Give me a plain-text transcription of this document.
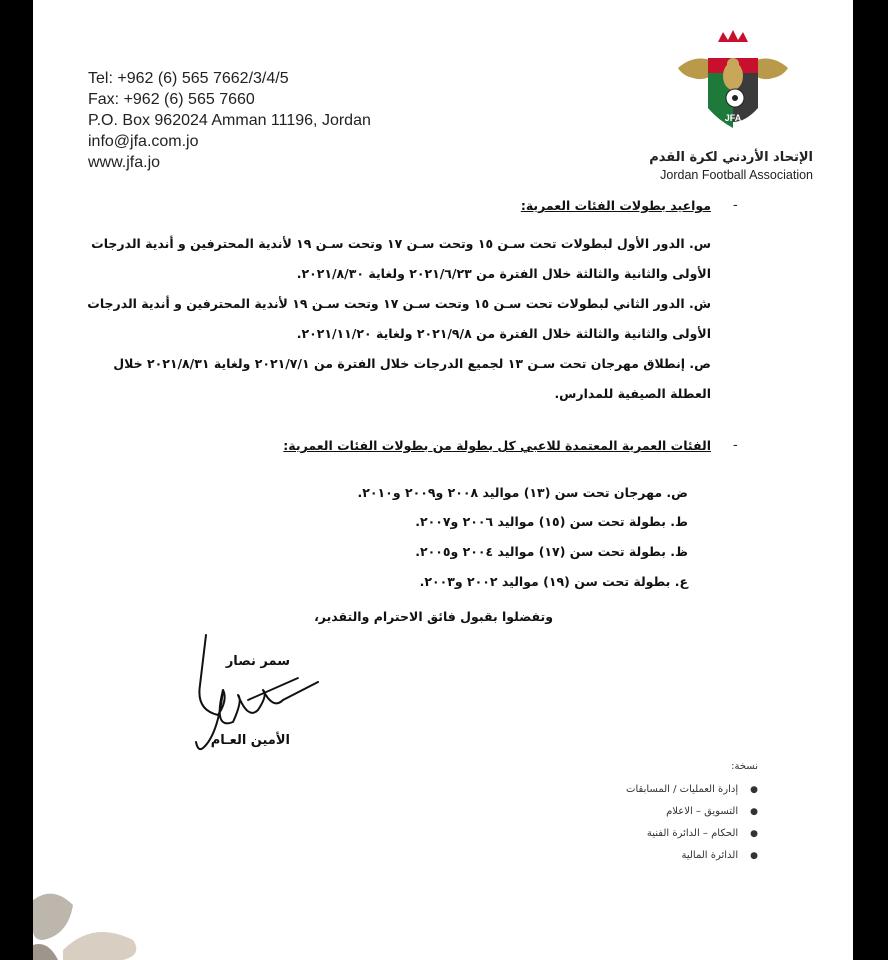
Tel: +962 (6) 565 7662/3/4/5
Fax: +962 (6) 565 7660
P.O. Box 962024 Amman 11196, Jordan
info@jfa.com.jo
www.jfa.jo
JFA
الإتحاد الأردني لكرة القدم
Jordan Football Association
-
مواعيد بطولات الفئات العمرية:
س. الدور الأول لبطولات تحت سـن ١٥ وتحت سـن ١٧ وتحت سـن ١٩ لأندية المحترفين و أندية الدرجات
الأولى والثانية والثالثة خلال الفترة من ٢٠٢١/٦/٢٣ ولغاية ٢٠٢١/٨/٣٠.
ش. الدور الثاني لبطولات تحت سـن ١٥ وتحت سـن ١٧ وتحت سـن ١٩ لأندية المحترفين و أندية الدرجات
الأولى والثانية والثالثة خلال الفترة من ٢٠٢١/٩/٨ ولغاية ٢٠٢١/١١/٢٠.
ص. إنطلاق مهرجان تحت سـن ١٣ لجميع الدرجات خلال الفترة من ٢٠٢١/٧/١ ولغاية ٢٠٢١/٨/٣١ خلال
العطلة الصيفية للمدارس.
-
الفئات العمرية المعتمدة للاعبي كل بطولة من بطولات الفئات العمرية:
ض. مهرجان تحت سن (١٣) مواليد ٢٠٠٨ و٢٠٠٩ و٢٠١٠.
ط. بطولة تحت سن (١٥) مواليد ٢٠٠٦ و٢٠٠٧.
ظ. بطولة تحت سن (١٧) مواليد ٢٠٠٤ و٢٠٠٥.
ع. بطولة تحت سن (١٩) مواليد ٢٠٠٢ و٢٠٠٣.
وتفضلوا بقبول فائق الاحترام والتقدير،
سمر نصار
الأمين العـام
نسخة:
●إدارة العمليات / المسابقات
●التسويق – الاعلام
●الحكام – الدائرة الفنية
●الدائرة المالية
